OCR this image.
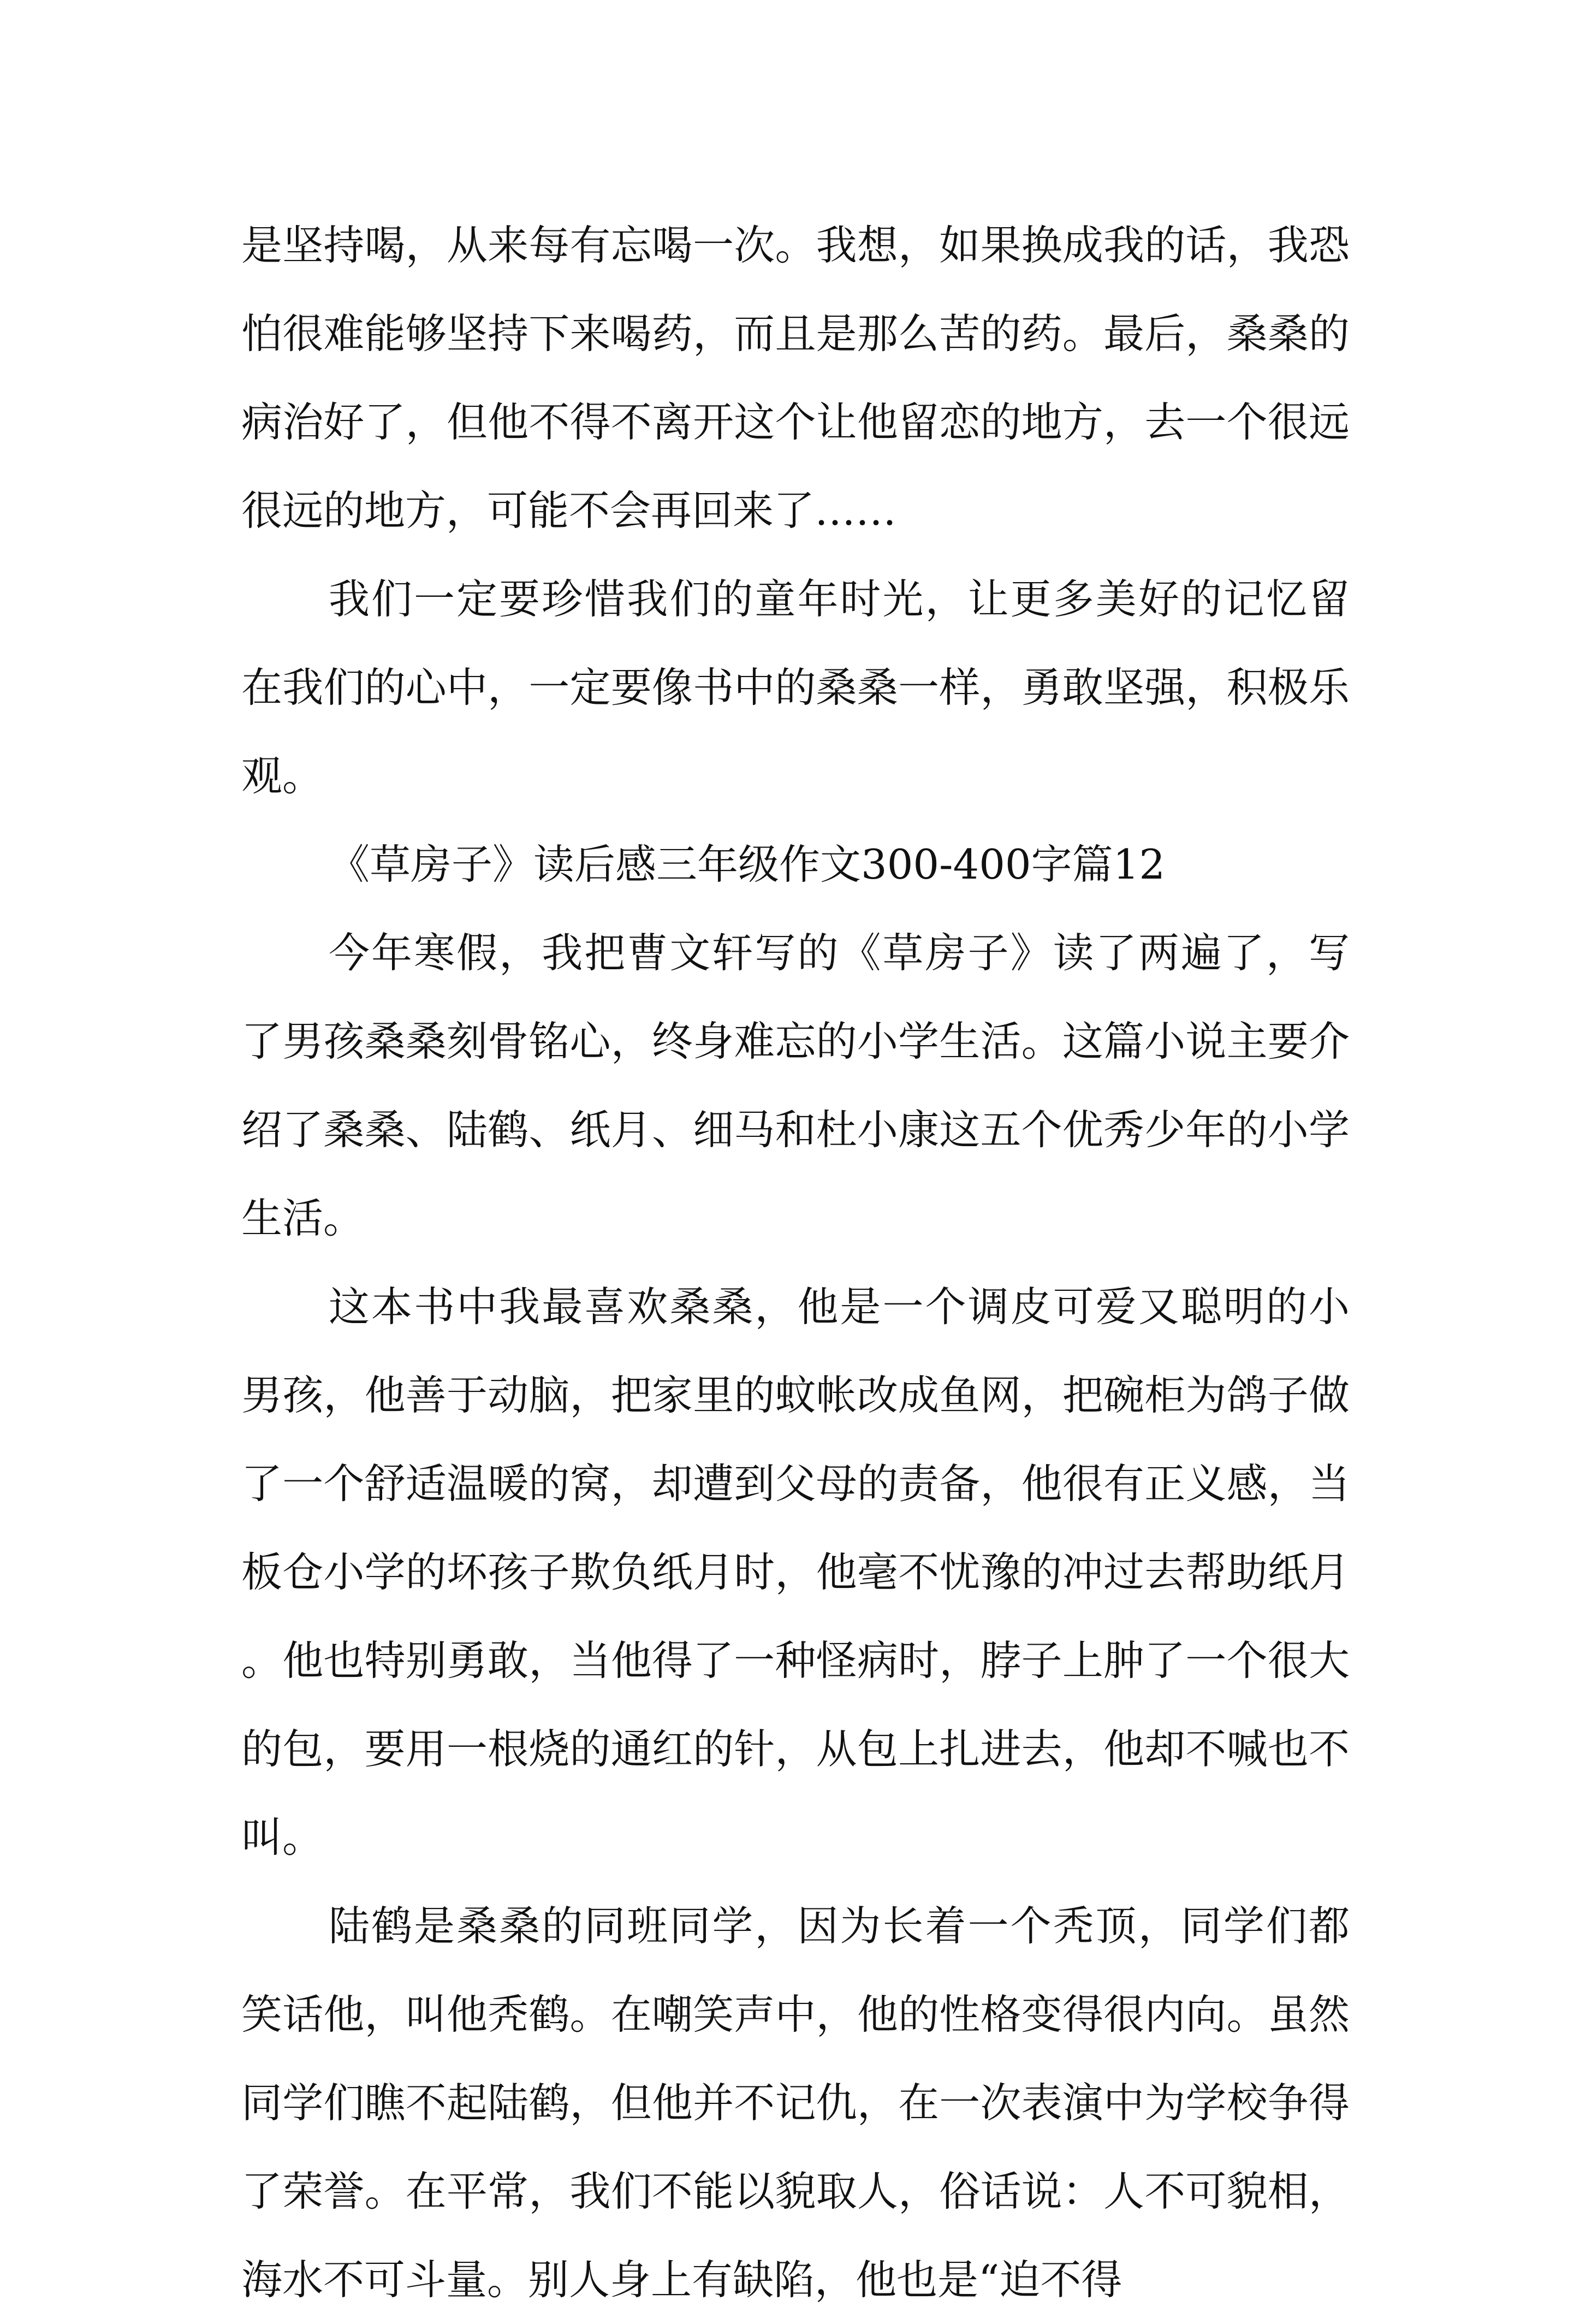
是坚持喝，从来每有忘喝一次。我想，如果换成我的话，我恐怕很难能够坚持下来喝药，而且是那么苦的药。最后，桑桑的病治好了，但他不得不离开这个让他留恋的地方，去一个很远很远的地方，可能不会再回来了……

我们一定要珍惜我们的童年时光，让更多美好的记忆留在我们的心中，一定要像书中的桑桑一样，勇敢坚强，积极乐观。

《草房子》读后感三年级作文300-400字篇12

今年寒假，我把曹文轩写的《草房子》读了两遍了，写了男孩桑桑刻骨铭心，终身难忘的小学生活。这篇小说主要介绍了桑桑、陆鹤、纸月、细马和杜小康这五个优秀少年的小学生活。

这本书中我最喜欢桑桑，他是一个调皮可爱又聪明的小男孩，他善于动脑，把家里的蚊帐改成鱼网，把碗柜为鸽子做了一个舒适温暖的窝，却遭到父母的责备，他很有正义感，当板仓小学的坏孩子欺负纸月时，他毫不忧豫的冲过去帮助纸月。他也特别勇敢，当他得了一种怪病时，脖子上肿了一个很大的包，要用一根烧的通红的针，从包上扎进去，他却不喊也不叫。

陆鹤是桑桑的同班同学，因为长着一个秃顶，同学们都笑话他，叫他秃鹤。在嘲笑声中，他的性格变得很内向。虽然同学们瞧不起陆鹤，但他并不记仇，在一次表演中为学校争得了荣誉。在平常，我们不能以貌取人，俗话说：人不可貌相，海水不可斗量。别人身上有缺陷，他也是“迫不得
